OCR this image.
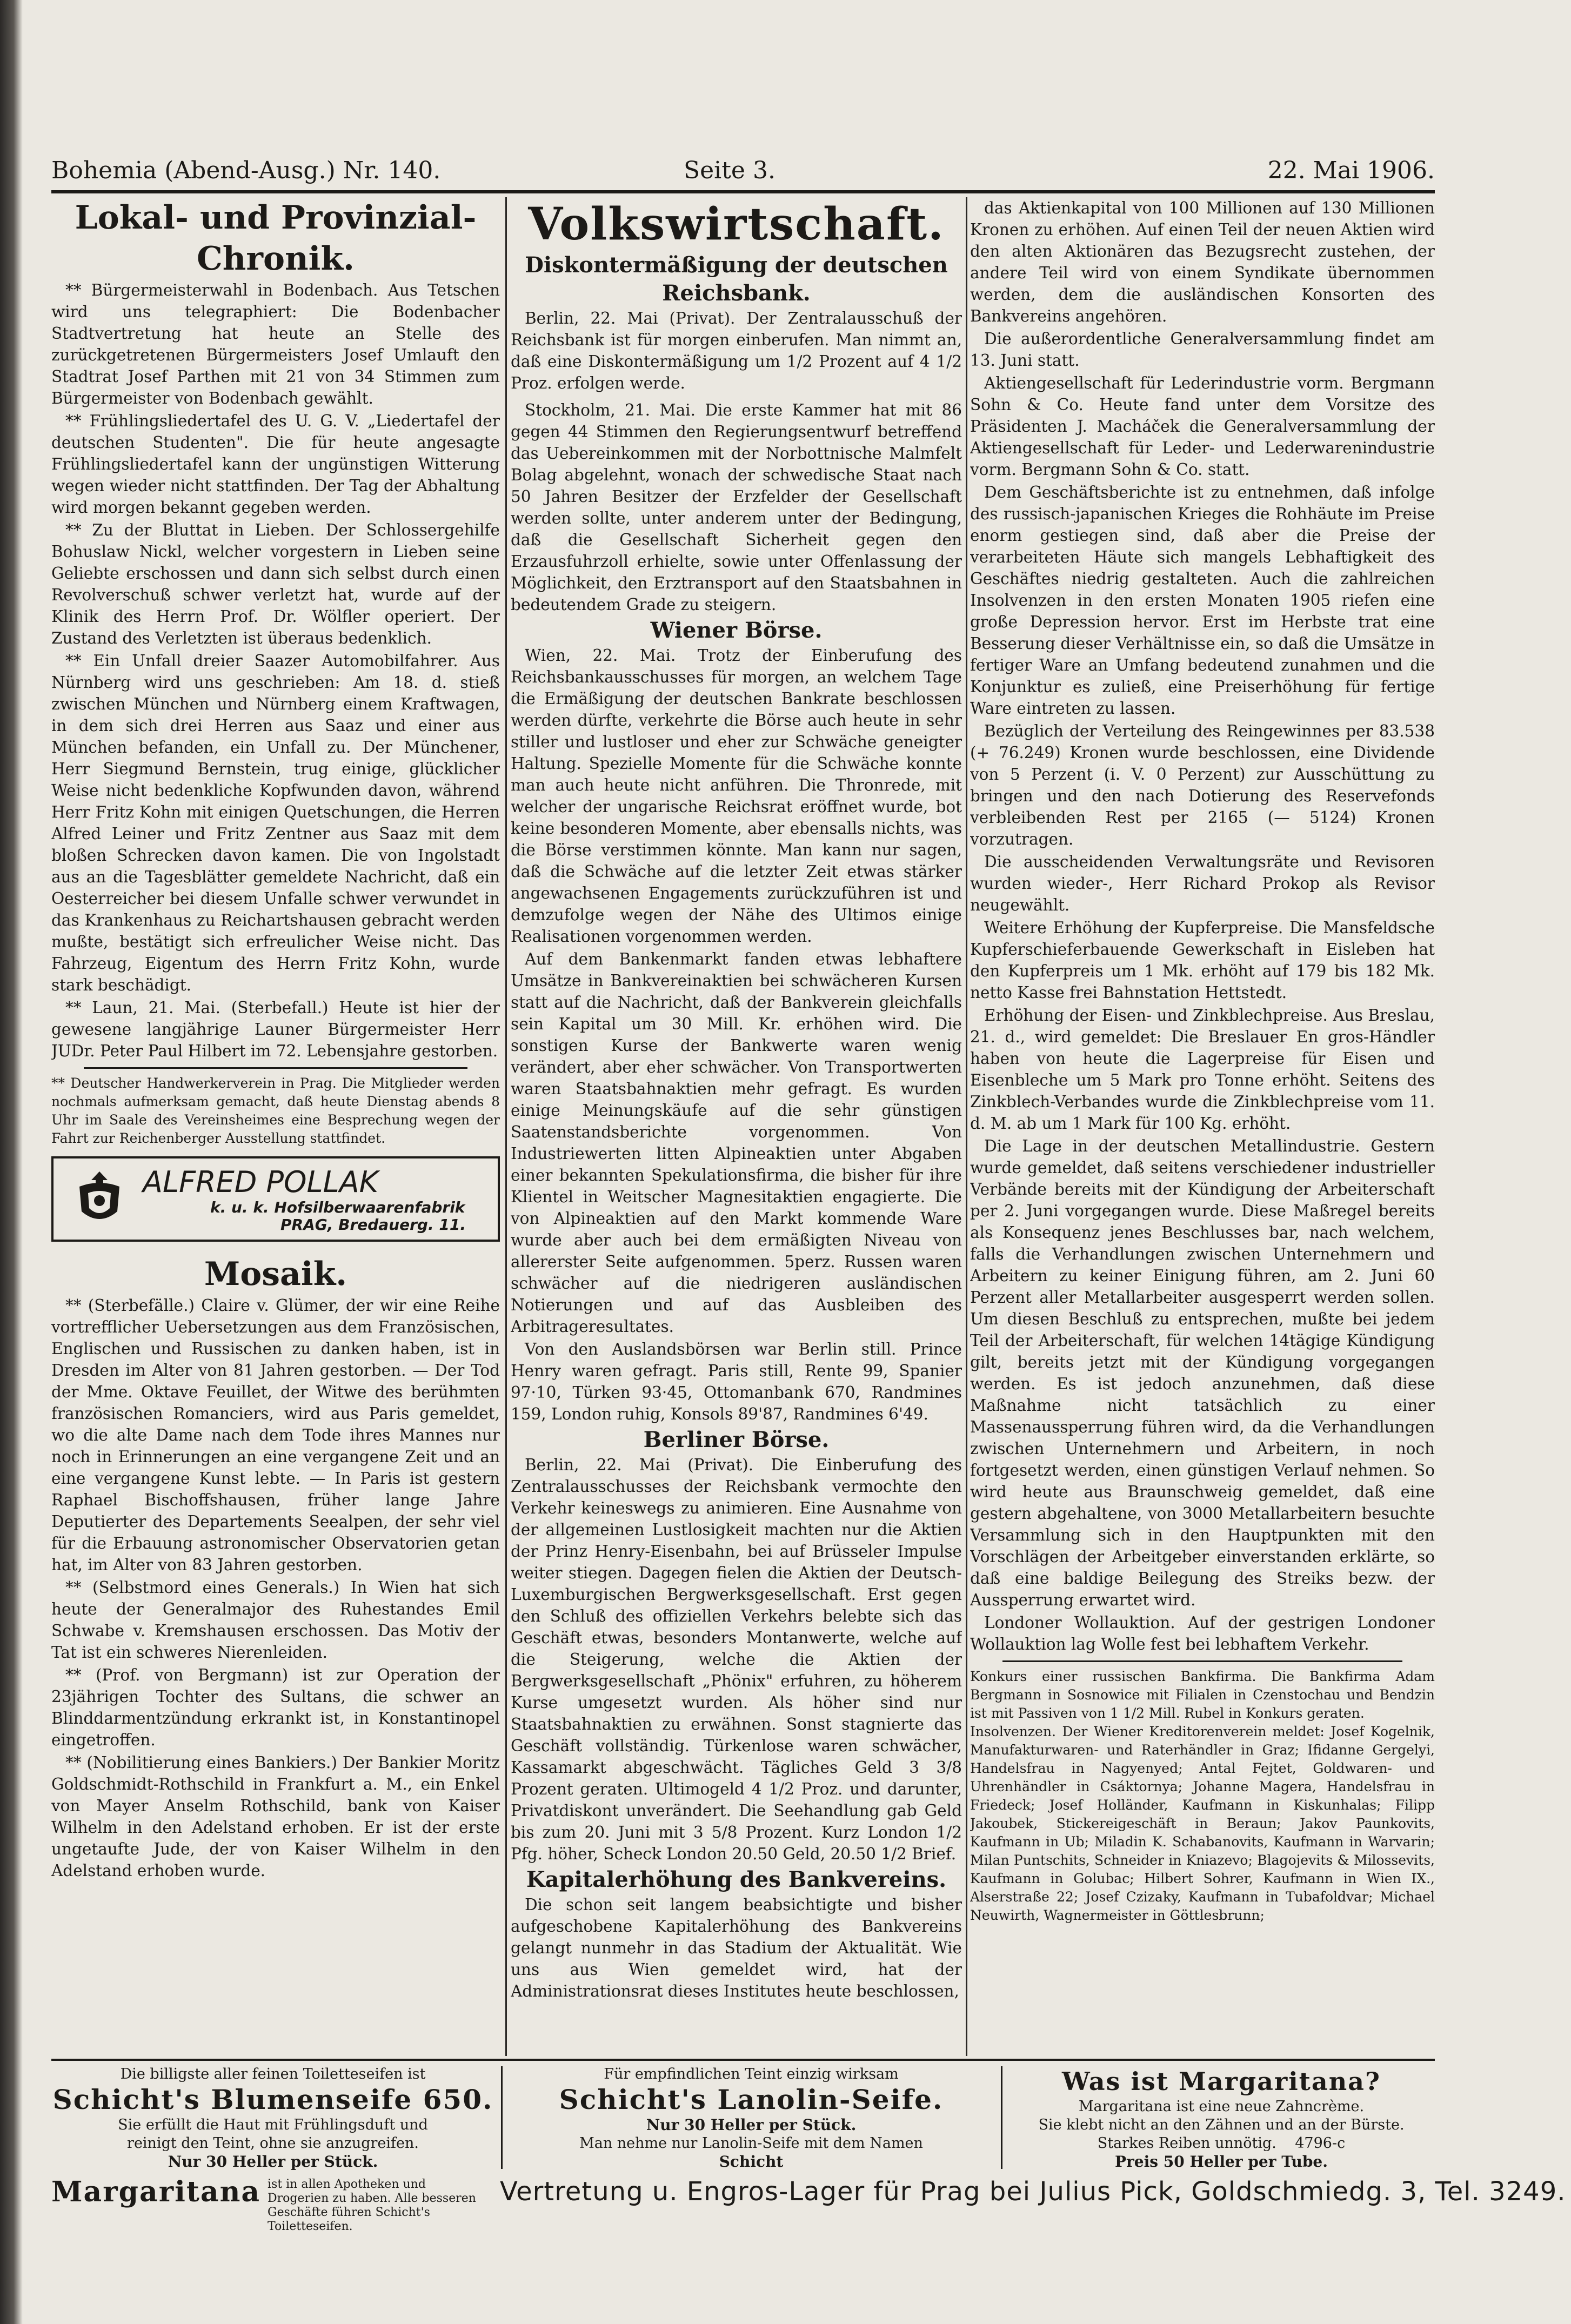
Bohemia (Abend-Ausg.) Nr. 140.	Seite 3.	22. Mai 1906.
Lokal- und Provinzial-Chronik.

** Bürgermeisterwahl in Bodenbach. Aus Tetschen wird uns telegraphiert: Die Bodenbacher Stadtvertretung hat heute an Stelle des zurückgetretenen Bürgermeisters Josef Umlauft den Stadtrat Josef Parthen mit 21 von 34 Stimmen zum Bürgermeister von Bodenbach gewählt.

** Frühlingsliedertafel des U. G. V. „Liedertafel der deutschen Studenten". Die für heute angesagte Frühlingsliedertafel kann der ungünstigen Witterung wegen wieder nicht stattfinden. Der Tag der Abhaltung wird morgen bekannt gegeben werden.

** Zu der Bluttat in Lieben. Der Schlossergehilfe Bohuslaw Nickl, welcher vorgestern in Lieben seine Geliebte erschossen und dann sich selbst durch einen Revolverschuß schwer verletzt hat, wurde auf der Klinik des Herrn Prof. Dr. Wölfler operiert. Der Zustand des Verletzten ist überaus bedenklich.

** Ein Unfall dreier Saazer Automobilfahrer. Aus Nürnberg wird uns geschrieben: Am 18. d. stieß zwischen München und Nürnberg einem Kraftwagen, in dem sich drei Herren aus Saaz und einer aus München befanden, ein Unfall zu. Der Münchener, Herr Siegmund Bernstein, trug einige, glücklicher Weise nicht bedenkliche Kopfwunden davon, während Herr Fritz Kohn mit einigen Quetschungen, die Herren Alfred Leiner und Fritz Zentner aus Saaz mit dem bloßen Schrecken davon kamen. Die von Ingolstadt aus an die Tagesblätter gemeldete Nachricht, daß ein Oesterreicher bei diesem Unfalle schwer verwundet in das Krankenhaus zu Reichartshausen gebracht werden mußte, bestätigt sich erfreulicher Weise nicht. Das Fahrzeug, Eigentum des Herrn Fritz Kohn, wurde stark beschädigt.

** Laun, 21. Mai. (Sterbefall.) Heute ist hier der gewesene langjährige Launer Bürgermeister Herr JUDr. Peter Paul Hilbert im 72. Lebensjahre gestorben.

** Deutscher Handwerkerverein in Prag. Die Mitglieder werden nochmals aufmerksam gemacht, daß heute Dienstag abends 8 Uhr im Saale des Vereinsheimes eine Besprechung wegen der Fahrt zur Reichenberger Ausstellung stattfindet.

ALFRED POLLAK
k. u. k. Hofsilberwaarenfabrik
PRAG, Bredauerg. 11.
Mosaik.

** (Sterbefälle.) Claire v. Glümer, der wir eine Reihe vortrefflicher Uebersetzungen aus dem Französischen, Englischen und Russischen zu danken haben, ist in Dresden im Alter von 81 Jahren gestorben. — Der Tod der Mme. Oktave Feuillet, der Witwe des berühmten französischen Romanciers, wird aus Paris gemeldet, wo die alte Dame nach dem Tode ihres Mannes nur noch in Erinnerungen an eine vergangene Zeit und an eine vergangene Kunst lebte. — In Paris ist gestern Raphael Bischoffshausen, früher lange Jahre Deputierter des Departements Seealpen, der sehr viel für die Erbauung astronomischer Observatorien getan hat, im Alter von 83 Jahren gestorben.

** (Selbstmord eines Generals.) In Wien hat sich heute der Generalmajor des Ruhestandes Emil Schwabe v. Kremshausen erschossen. Das Motiv der Tat ist ein schweres Nierenleiden.

** (Prof. von Bergmann) ist zur Operation der 23jährigen Tochter des Sultans, die schwer an Blinddarmentzündung erkrankt ist, in Konstantinopel eingetroffen.

** (Nobilitierung eines Bankiers.) Der Bankier Moritz Goldschmidt-Rothschild in Frankfurt a. M., ein Enkel von Mayer Anselm Rothschild, bank von Kaiser Wilhelm in den Adelstand erhoben. Er ist der erste ungetaufte Jude, der von Kaiser Wilhelm in den Adelstand erhoben wurde.

Volkswirtschaft.
Diskontermäßigung der deutschen Reichsbank.

Berlin, 22. Mai (Privat). Der Zentralausschuß der Reichsbank ist für morgen einberufen. Man nimmt an, daß eine Diskontermäßigung um 1/2 Prozent auf 4 1/2 Proz. erfolgen werde.

Stockholm, 21. Mai. Die erste Kammer hat mit 86 gegen 44 Stimmen den Regierungsentwurf betreffend das Uebereinkommen mit der Norbottnische Malmfelt Bolag abgelehnt, wonach der schwedische Staat nach 50 Jahren Besitzer der Erzfelder der Gesellschaft werden sollte, unter anderem unter der Bedingung, daß die Gesellschaft Sicherheit gegen den Erzausfuhrzoll erhielte, sowie unter Offenlassung der Möglichkeit, den Erztransport auf den Staatsbahnen in bedeutendem Grade zu steigern.

Wiener Börse.

Wien, 22. Mai. Trotz der Einberufung des Reichsbankausschusses für morgen, an welchem Tage die Ermäßigung der deutschen Bankrate beschlossen werden dürfte, verkehrte die Börse auch heute in sehr stiller und lustloser und eher zur Schwäche geneigter Haltung. Spezielle Momente für die Schwäche konnte man auch heute nicht anführen. Die Thronrede, mit welcher der ungarische Reichsrat eröffnet wurde, bot keine besonderen Momente, aber ebensalls nichts, was die Börse verstimmen könnte. Man kann nur sagen, daß die Schwäche auf die letzter Zeit etwas stärker angewachsenen Engagements zurückzuführen ist und demzufolge wegen der Nähe des Ultimos einige Realisationen vorgenommen werden.

Auf dem Bankenmarkt fanden etwas lebhaftere Umsätze in Bankvereinaktien bei schwächeren Kursen statt auf die Nachricht, daß der Bankverein gleichfalls sein Kapital um 30 Mill. Kr. erhöhen wird. Die sonstigen Kurse der Bankwerte waren wenig verändert, aber eher schwächer. Von Transportwerten waren Staatsbahnaktien mehr gefragt. Es wurden einige Meinungskäufe auf die sehr günstigen Saatenstandsberichte vorgenommen. Von Industriewerten litten Alpineaktien unter Abgaben einer bekannten Spekulationsfirma, die bisher für ihre Klientel in Weitscher Magnesitaktien engagierte. Die von Alpineaktien auf den Markt kommende Ware wurde aber auch bei dem ermäßigten Niveau von allererster Seite aufgenommen. 5perz. Russen waren schwächer auf die niedrigeren ausländischen Notierungen und auf das Ausbleiben des Arbitrageresultates.

Von den Auslandsbörsen war Berlin still. Prince Henry waren gefragt. Paris still, Rente 99, Spanier 97·10, Türken 93·45, Ottomanbank 670, Randmines 159, London ruhig, Konsols 89'87, Randmines 6'49.

Berliner Börse.

Berlin, 22. Mai (Privat). Die Einberufung des Zentralausschusses der Reichsbank vermochte den Verkehr keineswegs zu animieren. Eine Ausnahme von der allgemeinen Lustlosigkeit machten nur die Aktien der Prinz Henry-Eisenbahn, bei auf Brüsseler Impulse weiter stiegen. Dagegen fielen die Aktien der Deutsch-Luxemburgischen Bergwerksgesellschaft. Erst gegen den Schluß des offiziellen Verkehrs belebte sich das Geschäft etwas, besonders Montanwerte, welche auf die Steigerung, welche die Aktien der Bergwerksgesellschaft „Phönix" erfuhren, zu höherem Kurse umgesetzt wurden. Als höher sind nur Staatsbahnaktien zu erwähnen. Sonst stagnierte das Geschäft vollständig. Türkenlose waren schwächer, Kassamarkt abgeschwächt. Tägliches Geld 3 3/8 Prozent geraten. Ultimogeld 4 1/2 Proz. und darunter, Privatdiskont unverändert. Die Seehandlung gab Geld bis zum 20. Juni mit 3 5/8 Prozent. Kurz London 1/2 Pfg. höher, Scheck London 20.50 Geld, 20.50 1/2 Brief.

Kapitalerhöhung des Bankvereins.

Die schon seit langem beabsichtigte und bisher aufgeschobene Kapitalerhöhung des Bankvereins gelangt nunmehr in das Stadium der Aktualität. Wie uns aus Wien gemeldet wird, hat der Administrationsrat dieses Institutes heute beschlossen,

das Aktienkapital von 100 Millionen auf 130 Millionen Kronen zu erhöhen. Auf einen Teil der neuen Aktien wird den alten Aktionären das Bezugsrecht zustehen, der andere Teil wird von einem Syndikate übernommen werden, dem die ausländischen Konsorten des Bankvereins angehören.

Die außerordentliche Generalversammlung findet am 13. Juni statt.

Aktiengesellschaft für Lederindustrie vorm. Bergmann Sohn & Co. Heute fand unter dem Vorsitze des Präsidenten J. Macháček die Generalversammlung der Aktiengesellschaft für Leder- und Lederwarenindustrie vorm. Bergmann Sohn & Co. statt.

Dem Geschäftsberichte ist zu entnehmen, daß infolge des russisch-japanischen Krieges die Rohhäute im Preise enorm gestiegen sind, daß aber die Preise der verarbeiteten Häute sich mangels Lebhaftigkeit des Geschäftes niedrig gestalteten. Auch die zahlreichen Insolvenzen in den ersten Monaten 1905 riefen eine große Depression hervor. Erst im Herbste trat eine Besserung dieser Verhältnisse ein, so daß die Umsätze in fertiger Ware an Umfang bedeutend zunahmen und die Konjunktur es zuließ, eine Preiserhöhung für fertige Ware eintreten zu lassen.

Bezüglich der Verteilung des Reingewinnes per 83.538 (+ 76.249) Kronen wurde beschlossen, eine Dividende von 5 Perzent (i. V. 0 Perzent) zur Ausschüttung zu bringen und den nach Dotierung des Reservefonds verbleibenden Rest per 2165 (— 5124) Kronen vorzutragen.

Die ausscheidenden Verwaltungsräte und Revisoren wurden wieder-, Herr Richard Prokop als Revisor neugewählt.

Weitere Erhöhung der Kupferpreise. Die Mansfeldsche Kupferschieferbauende Gewerkschaft in Eisleben hat den Kupferpreis um 1 Mk. erhöht auf 179 bis 182 Mk. netto Kasse frei Bahnstation Hettstedt.

Erhöhung der Eisen- und Zinkblechpreise. Aus Breslau, 21. d., wird gemeldet: Die Breslauer En gros-Händler haben von heute die Lagerpreise für Eisen und Eisenbleche um 5 Mark pro Tonne erhöht. Seitens des Zinkblech-Verbandes wurde die Zinkblechpreise vom 11. d. M. ab um 1 Mark für 100 Kg. erhöht.

Die Lage in der deutschen Metallindustrie. Gestern wurde gemeldet, daß seitens verschiedener industrieller Verbände bereits mit der Kündigung der Arbeiterschaft per 2. Juni vorgegangen wurde. Diese Maßregel bereits als Konsequenz jenes Beschlusses bar, nach welchem, falls die Verhandlungen zwischen Unternehmern und Arbeitern zu keiner Einigung führen, am 2. Juni 60 Perzent aller Metallarbeiter ausgesperrt werden sollen. Um diesen Beschluß zu entsprechen, mußte bei jedem Teil der Arbeiterschaft, für welchen 14tägige Kündigung gilt, bereits jetzt mit der Kündigung vorgegangen werden. Es ist jedoch anzunehmen, daß diese Maßnahme nicht tatsächlich zu einer Massenaussperrung führen wird, da die Verhandlungen zwischen Unternehmern und Arbeitern, in noch fortgesetzt werden, einen günstigen Verlauf nehmen. So wird heute aus Braunschweig gemeldet, daß eine gestern abgehaltene, von 3000 Metallarbeitern besuchte Versammlung sich in den Hauptpunkten mit den Vorschlägen der Arbeitgeber einverstanden erklärte, so daß eine baldige Beilegung des Streiks bezw. der Aussperrung erwartet wird.

Londoner Wollauktion. Auf der gestrigen Londoner Wollauktion lag Wolle fest bei lebhaftem Verkehr.

Konkurs einer russischen Bankfirma. Die Bankfirma Adam Bergmann in Sosnowice mit Filialen in Czenstochau und Bendzin ist mit Passiven von 1 1/2 Mill. Rubel in Konkurs geraten.

Insolvenzen. Der Wiener Kreditorenverein meldet: Josef Kogelnik, Manufakturwaren- und Raterhändler in Graz; Ifidanne Gergelyi, Handelsfrau in Nagyenyed; Antal Fejtet, Goldwaren- und Uhrenhändler in Csáktornya; Johanne Magera, Handelsfrau in Friedeck; Josef Holländer, Kaufmann in Kiskunhalas; Filipp Jakoubek, Stickereigeschäft in Beraun; Jakov Paunkovits, Kaufmann in Ub; Miladin K. Schabanovits, Kaufmann in Warvarin; Milan Puntschits, Schneider in Kniazevo; Blagojevits & Milossevits, Kaufmann in Golubac; Hilbert Sohrer, Kaufmann in Wien IX., Alserstraße 22; Josef Czizaky, Kaufmann in Tubafoldvar; Michael Neuwirth, Wagnermeister in Göttlesbrunn;

Die billigste aller feinen Toiletteseifen ist
Schicht's Blumenseife 650.
Sie erfüllt die Haut mit Frühlingsduft und
reinigt den Teint, ohne sie anzugreifen.
Nur 30 Heller per Stück.
Für empfindlichen Teint einzig wirksam
Schicht's Lanolin-Seife.
Nur 30 Heller per Stück.
Man nehme nur Lanolin-Seife mit dem Namen
Schicht
Was ist Margaritana?
Margaritana ist eine neue Zahncrème.
Sie klebt nicht an den Zähnen und an der Bürste.
Starkes Reiben unnötig. 4796-c
Preis 50 Heller per Tube.
Margaritana ist in allen Apotheken und Drogerien zu haben. Alle besseren Geschäfte führen Schicht's Toiletteseifen.
Vertretung u. Engros-Lager für Prag bei Julius Pick, Goldschmiedg. 3, Tel. 3249.
